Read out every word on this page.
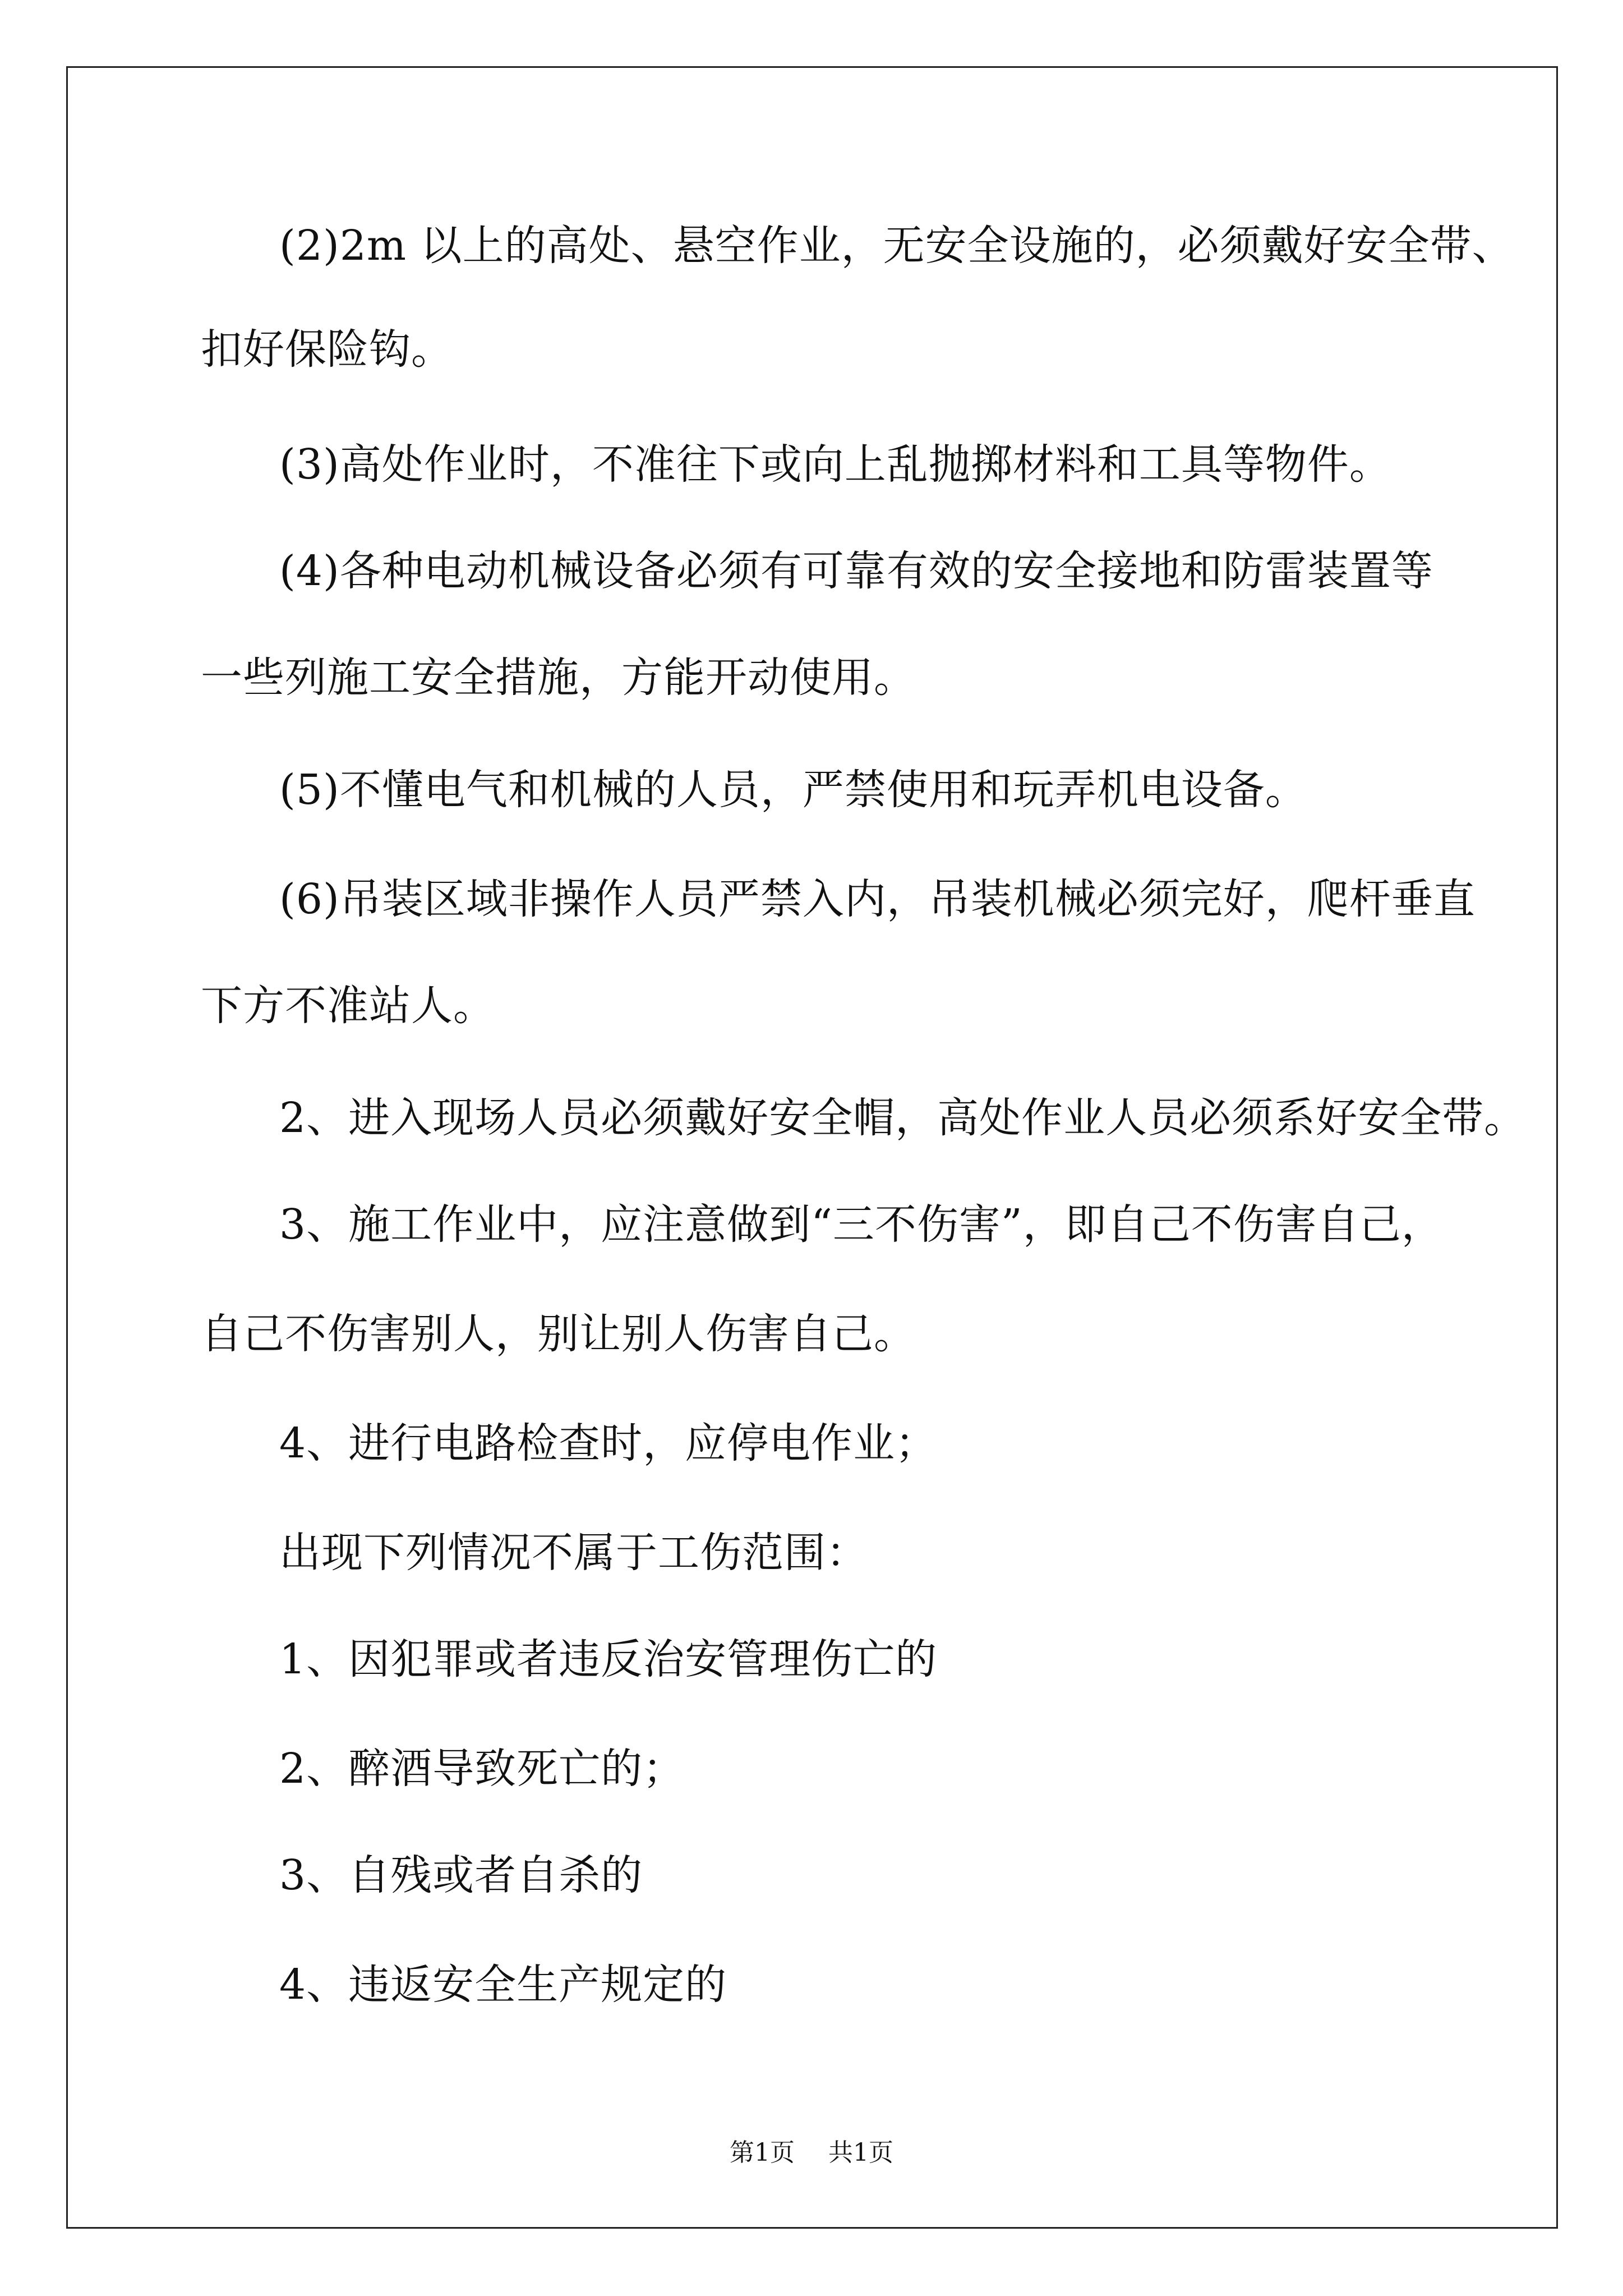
(2)2m 以上的高处、悬空作业，无安全设施的，必须戴好安全带、
扣好保险钩。
(3)高处作业时，不准往下或向上乱抛掷材料和工具等物件。
(4)各种电动机械设备必须有可靠有效的安全接地和防雷装置等
一些列施工安全措施，方能开动使用。
(5)不懂电气和机械的人员，严禁使用和玩弄机电设备。
(6)吊装区域非操作人员严禁入内，吊装机械必须完好，爬杆垂直
下方不准站人。
2、进入现场人员必须戴好安全帽，高处作业人员必须系好安全带。
3、施工作业中，应注意做到“三不伤害”，即自己不伤害自己，
自己不伤害别人，别让别人伤害自己。
4、进行电路检查时，应停电作业；
出现下列情况不属于工伤范围：
1、因犯罪或者违反治安管理伤亡的
2、醉酒导致死亡的；
3、自残或者自杀的
4、违返安全生产规定的
第1页 共1页
